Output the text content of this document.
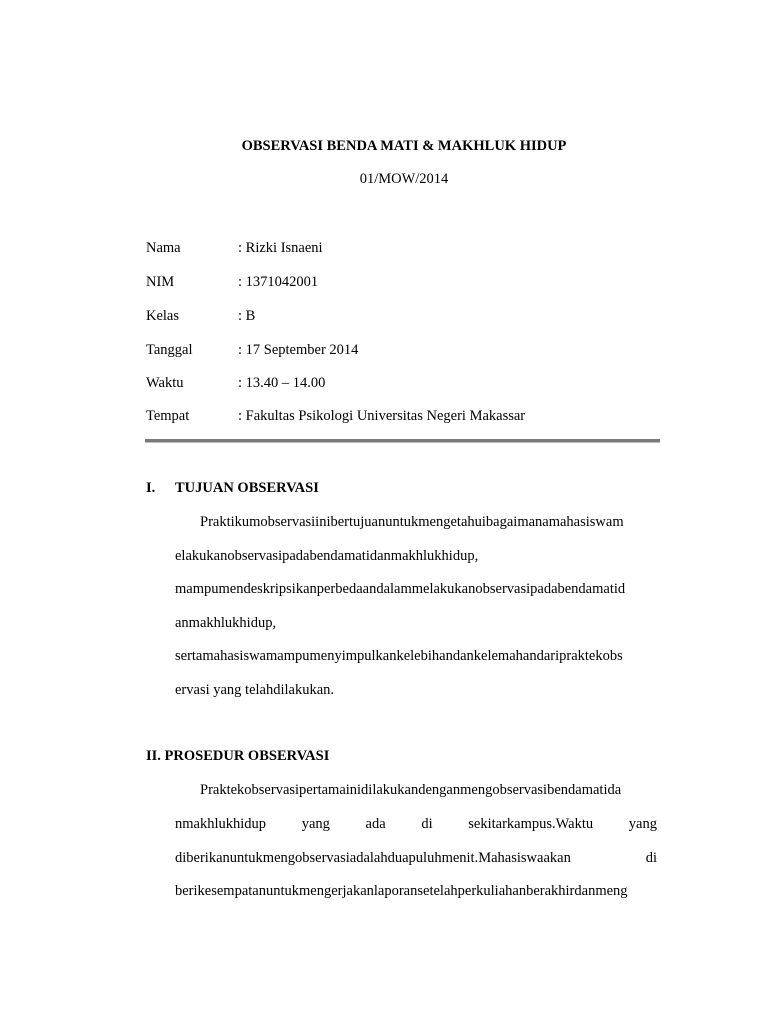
OBSERVASI BENDA MATI & MAKHLUK HIDUP
01/MOW/2014
Nama	: Rizki Isnaeni
NIM	: 1371042001
Kelas	: B
Tanggal	: 17 September 2014
Waktu	: 13.40 – 14.00
Tempat	: Fakultas Psikologi Universitas Negeri Makassar
I. TUJUAN OBSERVASI
Praktikumobservasiinibertujuanuntukmengetahuibagaimanamahasiswam
elakukanobservasipadabendamatidanmakhlukhidup,
mampumendeskripsikanperbedaandalammelakukanobservasipadabendamatid
anmakhlukhidup,
sertamahasiswamampumenyimpulkankelebihandankelemahandaripraktekobs
ervasi yang telahdilakukan.
II. PROSEDUR OBSERVASI
Praktekobservasipertamainidilakukandenganmengobservasibendamatida
nmakhlukhidup yang ada di sekitarkampus.Waktu yang
diberikanuntukmengobservasiadalahduapuluhmenit.Mahasiswaakan	di
berikesempatanuntukmengerjakanlaporansetelahperkuliahanberakhirdanmeng
